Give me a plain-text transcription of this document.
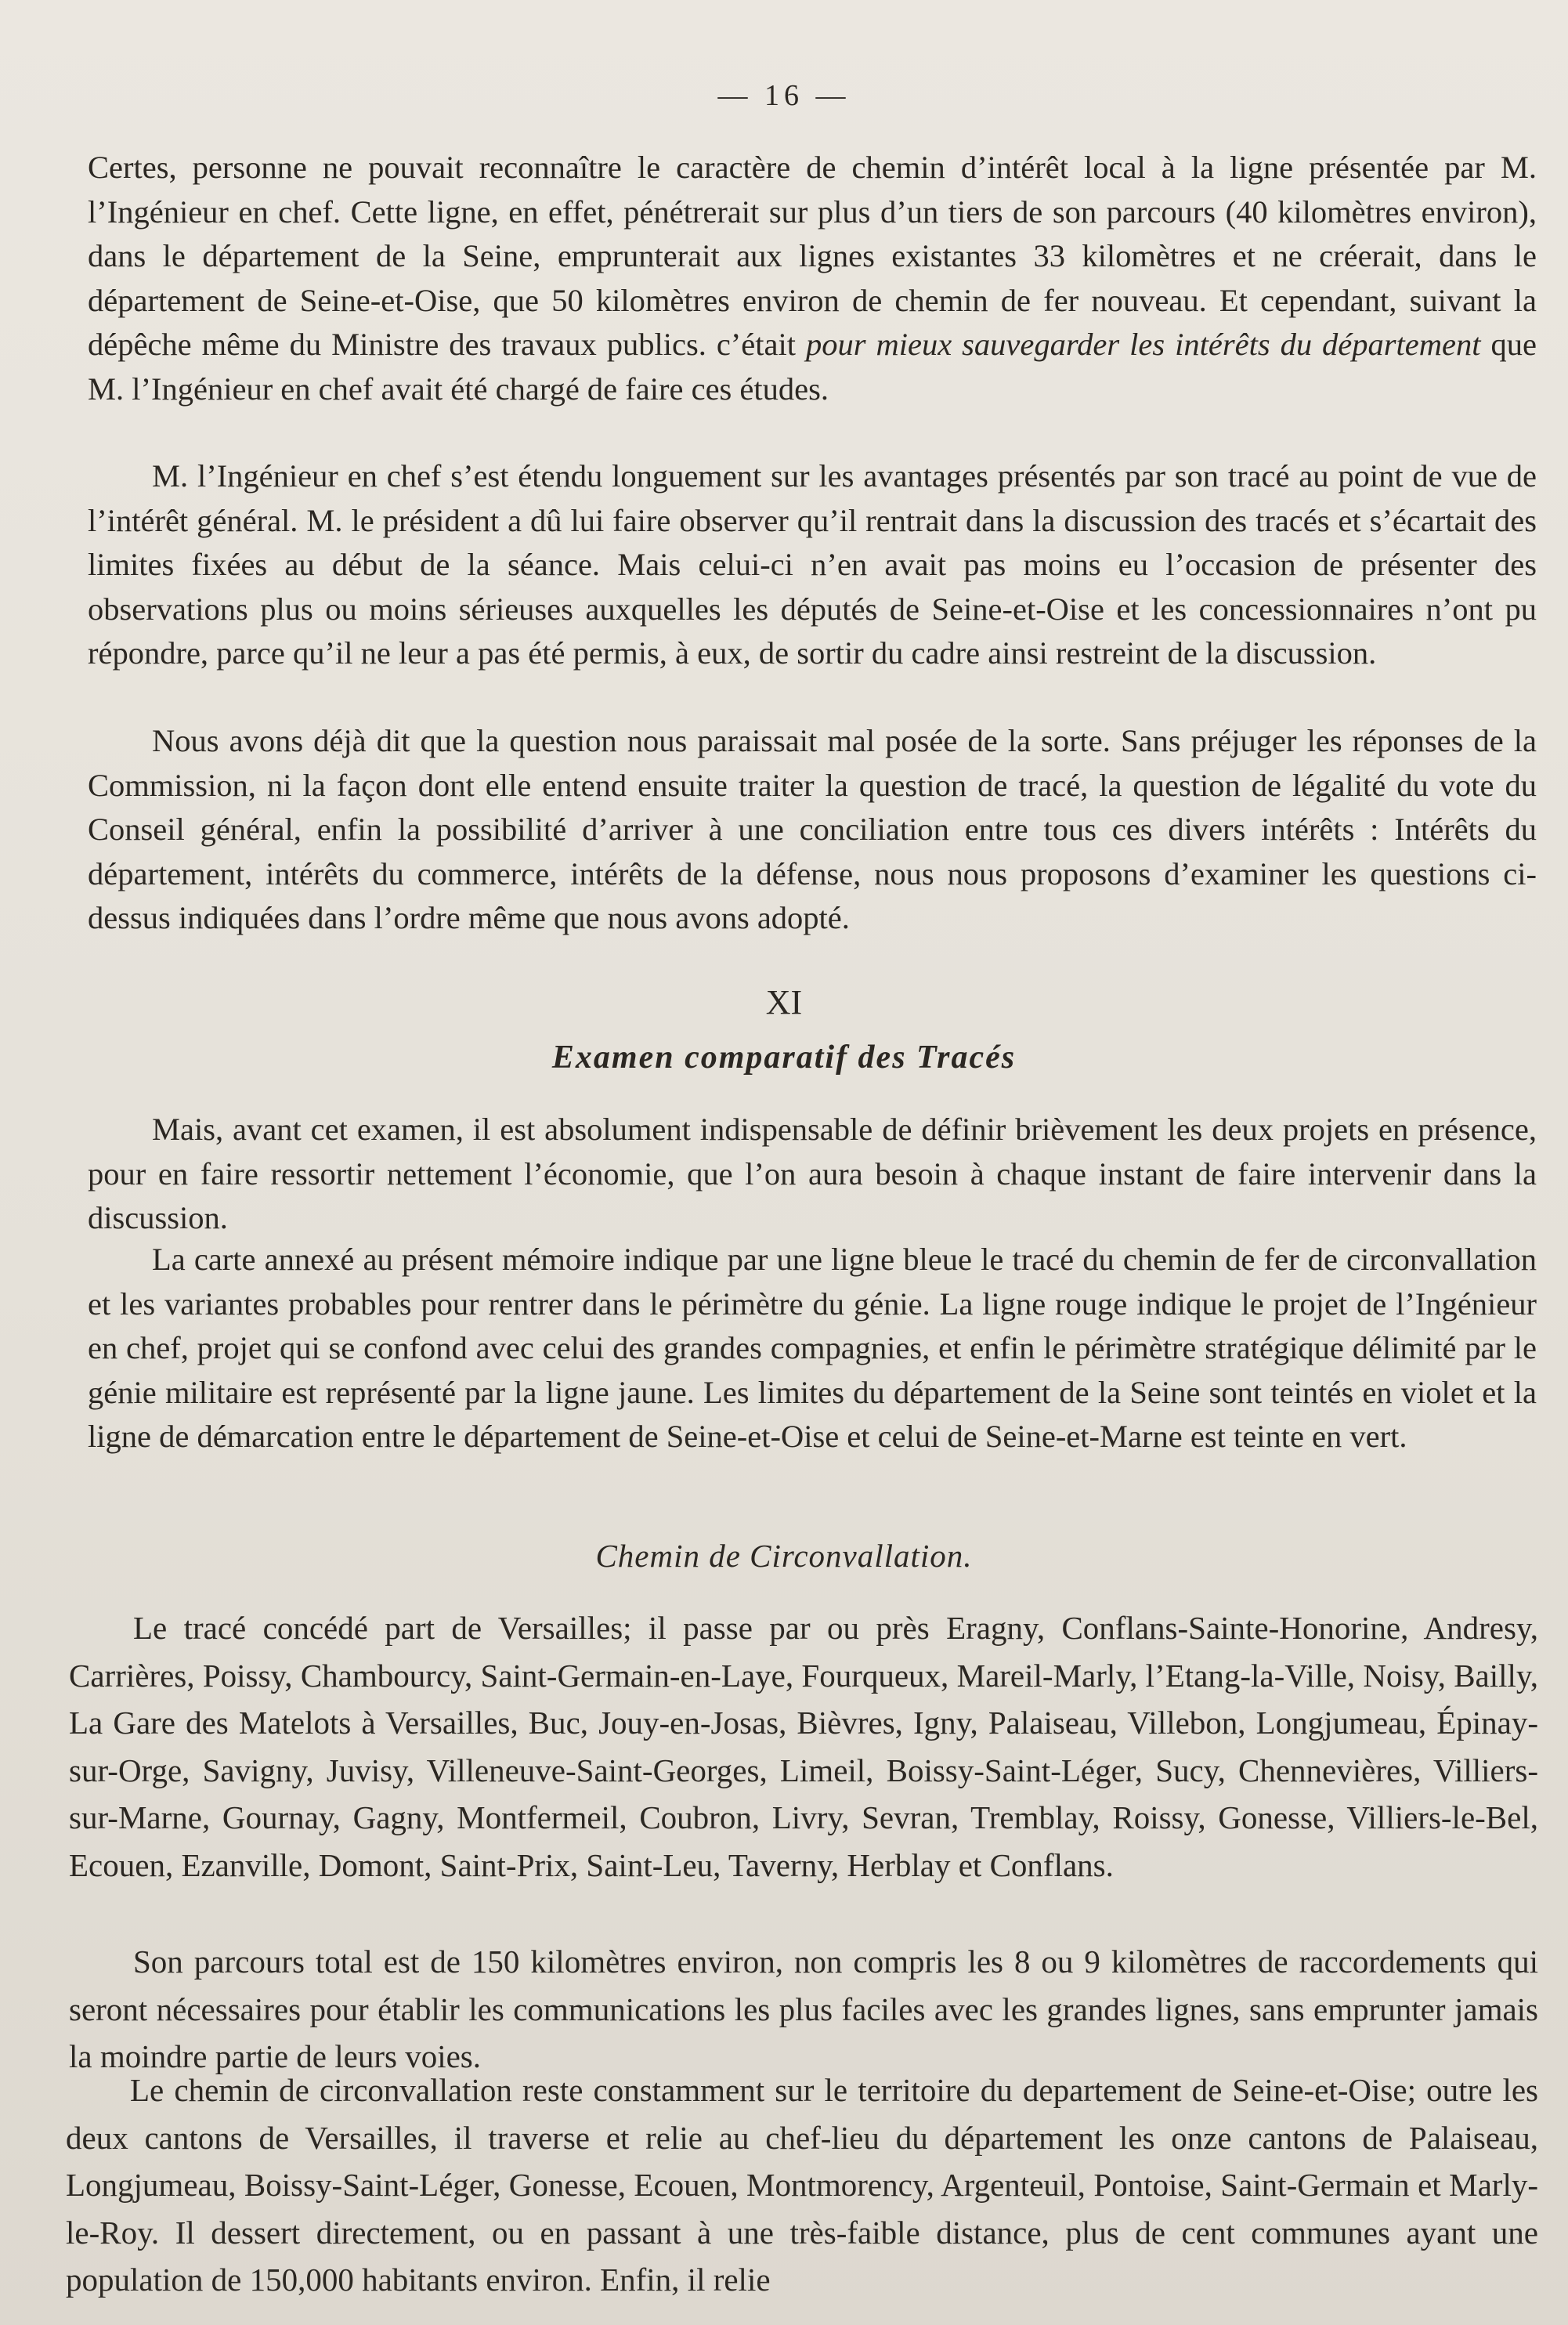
— 16 —

Certes, personne ne pouvait reconnaître le caractère de chemin d’intérêt local à la ligne présentée par M. l’Ingénieur en chef. Cette ligne, en effet, pénétrerait sur plus d’un tiers de son parcours (40 kilomètres environ), dans le département de la Seine, emprunterait aux lignes existantes 33 kilomètres et ne créerait, dans le département de Seine-et-Oise, que 50 kilomètres environ de chemin de fer nouveau. Et cependant, suivant la dépêche même du Ministre des travaux publics. c’était pour mieux sauvegarder les intérêts du département que M. l’Ingénieur en chef avait été chargé de faire ces études.

M. l’Ingénieur en chef s’est étendu longuement sur les avantages présentés par son tracé au point de vue de l’intérêt général. M. le président a dû lui faire observer qu’il rentrait dans la discussion des tracés et s’écartait des limites fixées au début de la séance. Mais celui-ci n’en avait pas moins eu l’occasion de présenter des observations plus ou moins sérieuses auxquelles les députés de Seine-et-Oise et les concessionnaires n’ont pu répondre, parce qu’il ne leur a pas été permis, à eux, de sortir du cadre ainsi restreint de la discussion.

Nous avons déjà dit que la question nous paraissait mal posée de la sorte. Sans préjuger les réponses de la Commission, ni la façon dont elle entend ensuite traiter la question de tracé, la question de légalité du vote du Conseil général, enfin la possibilité d’arriver à une conciliation entre tous ces divers intérêts : Intérêts du département, intérêts du commerce, intérêts de la défense, nous nous proposons d’examiner les questions ci-dessus indiquées dans l’ordre même que nous avons adopté.

XI
Examen comparatif des Tracés

Mais, avant cet examen, il est absolument indispensable de définir brièvement les deux projets en présence, pour en faire ressortir nettement l’économie, que l’on aura besoin à chaque instant de faire intervenir dans la discussion.

La carte annexé au présent mémoire indique par une ligne bleue le tracé du chemin de fer de circonvallation et les variantes probables pour rentrer dans le périmètre du génie. La ligne rouge indique le projet de l’Ingénieur en chef, projet qui se confond avec celui des grandes compagnies, et enfin le périmètre stratégique délimité par le génie militaire est représenté par la ligne jaune. Les limites du département de la Seine sont teintés en violet et la ligne de démarcation entre le département de Seine-et-Oise et celui de Seine-et-Marne est teinte en vert.

Chemin de Circonvallation.

Le tracé concédé part de Versailles; il passe par ou près Eragny, Conflans-Sainte-Honorine, Andresy, Carrières, Poissy, Chambourcy, Saint-Germain-en-Laye, Fourqueux, Mareil-Marly, l’Etang-la-Ville, Noisy, Bailly, La Gare des Matelots à Versailles, Buc, Jouy-en-Josas, Bièvres, Igny, Palaiseau, Villebon, Longjumeau, Épinay-sur-Orge, Savigny, Juvisy, Villeneuve-Saint-Georges, Limeil, Boissy-Saint-Léger, Sucy, Chennevières, Villiers-sur-Marne, Gournay, Gagny, Montfermeil, Coubron, Livry, Sevran, Tremblay, Roissy, Gonesse, Villiers-le-Bel, Ecouen, Ezanville, Domont, Saint-Prix, Saint-Leu, Taverny, Herblay et Conflans.

Son parcours total est de 150 kilomètres environ, non compris les 8 ou 9 kilomètres de raccordements qui seront nécessaires pour établir les communications les plus faciles avec les grandes lignes, sans emprunter jamais la moindre partie de leurs voies.

Le chemin de circonvallation reste constamment sur le territoire du departement de Seine-et-Oise; outre les deux cantons de Versailles, il traverse et relie au chef-lieu du département les onze cantons de Palaiseau, Longjumeau, Boissy-Saint-Léger, Gonesse, Ecouen, Montmorency, Argenteuil, Pontoise, Saint-Germain et Marly-le-Roy. Il dessert directement, ou en passant à une très-faible distance, plus de cent communes ayant une population de 150,000 habitants environ. Enfin, il relie
